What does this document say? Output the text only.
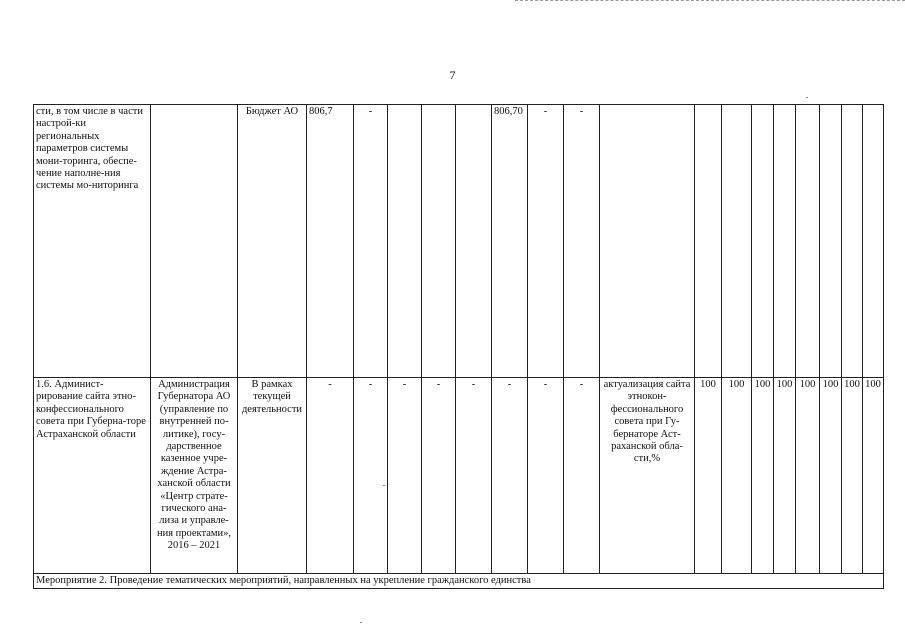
7
сти, в том числе в части настрой-ки региональных параметров системы мони-торинга, обеспе-чение наполне-ния системы мо-ниторинга		Бюджет АО	806,7	-				806,70	-	-									
1.6. Админист-рирование сайта этно-конфессионального совета при Губерна-торе Астраханской области	Администрация Губернатора АО (управление по внутренней по-литике), госу-дарственное казенное учре-ждение Астра-ханской области «Центр страте-гического ана-лиза и управле-ния проектами», 2016 – 2021	В рамках текущей деятельности	-	-	-	-	-	-	-	-	актуализация сайта этнокон-фессионального совета при Гу-бернаторе Аст-раханской обла-сти,%	100	100	100	100	100	100	100	100
Мероприятие 2. Проведение тематических мероприятий, направленных на укрепление гражданского единства																			
